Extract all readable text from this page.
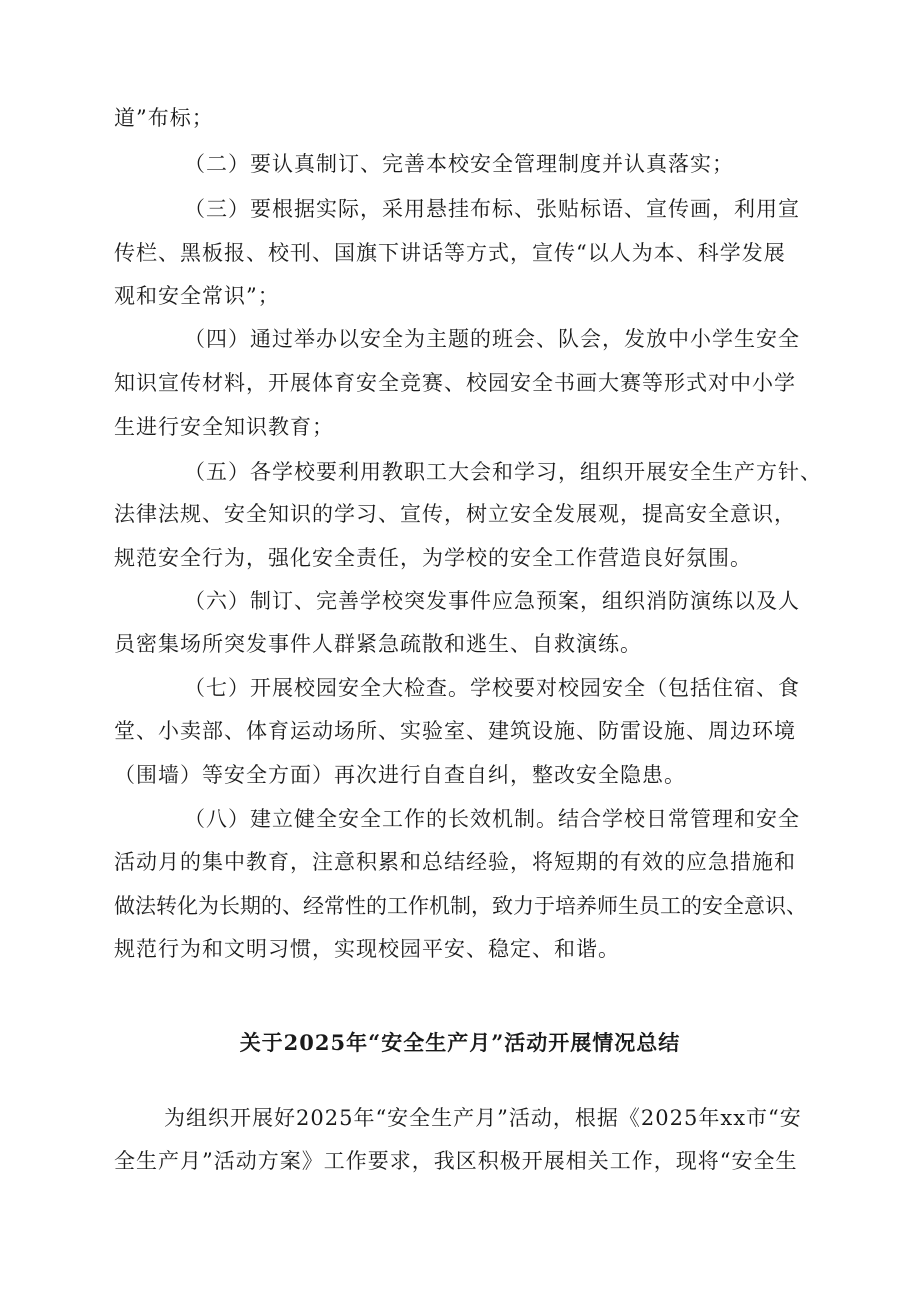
道”布标；
（二）要认真制订、完善本校安全管理制度并认真落实；
（三）要根据实际，采用悬挂布标、张贴标语、宣传画，利用宣
传栏、黑板报、校刊、国旗下讲话等方式，宣传“以人为本、科学发展
观和安全常识”；
（四）通过举办以安全为主题的班会、队会，发放中小学生安全
知识宣传材料，开展体育安全竞赛、校园安全书画大赛等形式对中小学
生进行安全知识教育；
（五）各学校要利用教职工大会和学习，组织开展安全生产方针、
法律法规、安全知识的学习、宣传，树立安全发展观，提高安全意识，
规范安全行为，强化安全责任，为学校的安全工作营造良好氛围。
（六）制订、完善学校突发事件应急预案，组织消防演练以及人
员密集场所突发事件人群紧急疏散和逃生、自救演练。
（七）开展校园安全大检查。学校要对校园安全（包括住宿、食
堂、小卖部、体育运动场所、实验室、建筑设施、防雷设施、周边环境
（围墙）等安全方面）再次进行自查自纠，整改安全隐患。
（八）建立健全安全工作的长效机制。结合学校日常管理和安全
活动月的集中教育，注意积累和总结经验，将短期的有效的应急措施和
做法转化为长期的、经常性的工作机制，致力于培养师生员工的安全意识、
规范行为和文明习惯，实现校园平安、稳定、和谐。
关于2025年“安全生产月”活动开展情况总结
为组织开展好2025年“安全生产月”活动，根据《2025年xx市“安
全生产月”活动方案》工作要求，我区积极开展相关工作，现将“安全生
